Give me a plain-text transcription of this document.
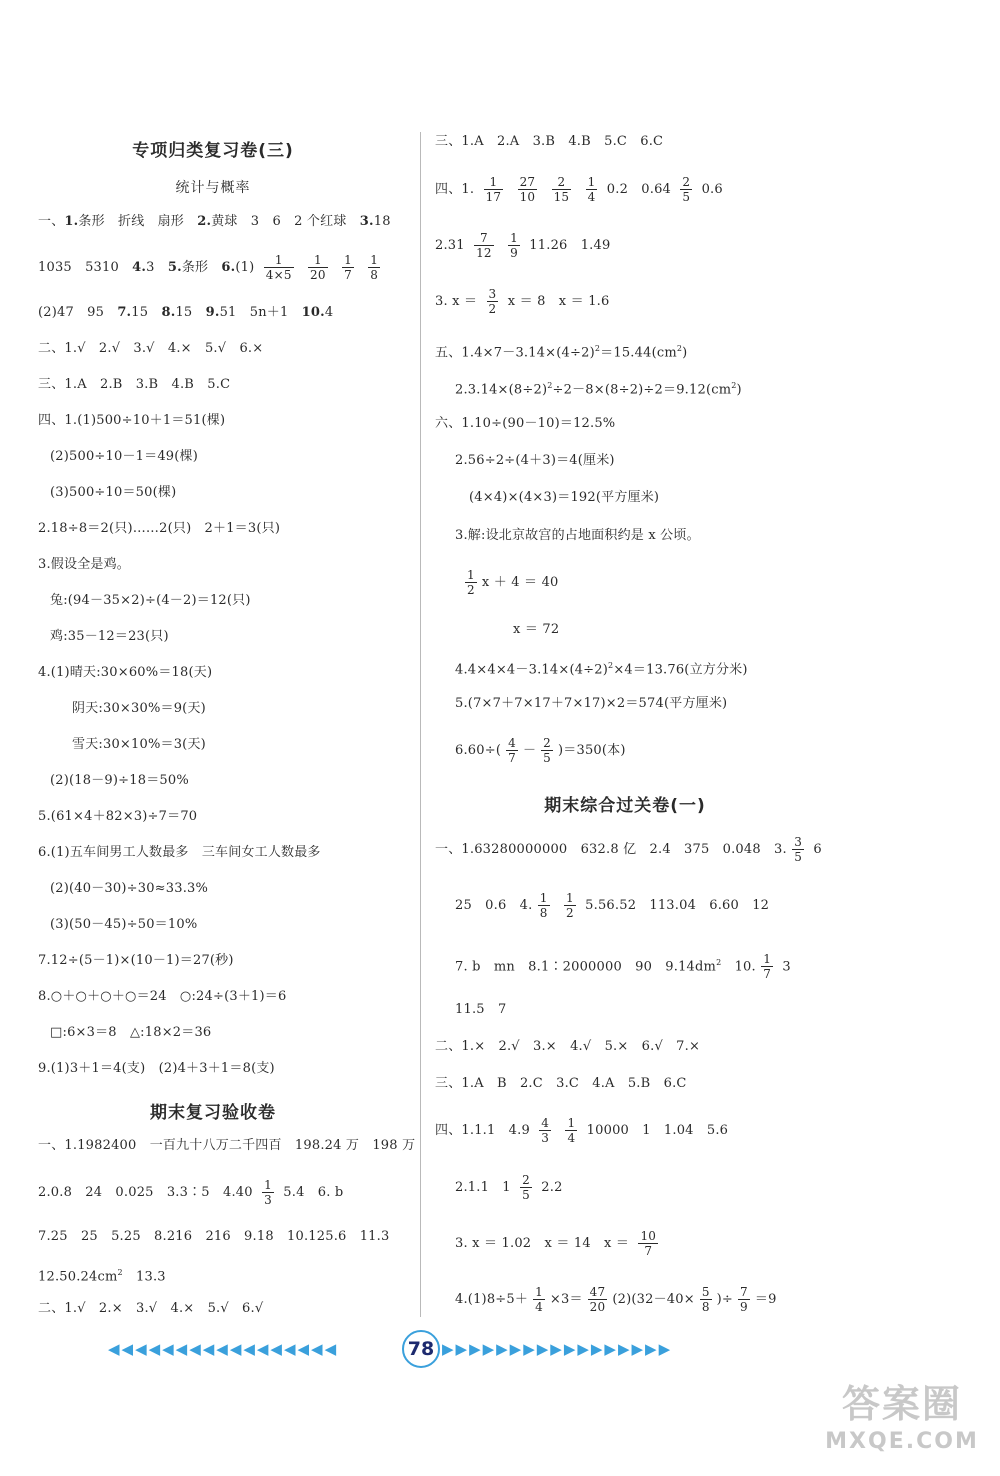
专项归类复习卷(三)
统计与概率
一、1.条形　折线　扇形　2.黄球　3　6　2 个红球　3.18
1035　5310　4.3　5.条形　$6.(1) \frac{1}{4\times 5}$
$\frac{1}{20}$
$\frac{1}{7}$
$\frac{1}{8}$
(2)47　95　7.15　8.15　9.51　5n＋1　10.4
二、1.√　2.√　3.√　4.×　5.√　6.×
三、1.A　2.B　3.B　4.B　5.C
四、1.(1)500÷10＋1＝51(棵)
(2)500÷10－1＝49(棵)
(3)500÷10＝50(棵)
2.18÷8＝2(只)……2(只)　2＋1＝3(只)
3.假设全是鸡。
兔:(94－35×2)÷(4－2)＝12(只)
鸡:35－12＝23(只)
4.(1)晴天:30×60%＝18(天)
阴天:30×30%＝9(天)
雪天:30×10%＝3(天)
(2)(18－9)÷18＝50%
5.(61×4＋82×3)÷7＝70
6.(1)五车间男工人数最多　三车间女工人数最多
(2)(40－30)÷30≈33.3%
(3)(50－45)÷50＝10%
7.12÷(5－1)×(10－1)＝27(秒)
8.○＋○＋○＋○＝24　○:24÷(3＋1)＝6
□:6×3＝8　△:18×2＝36
9.(1)3＋1＝4(支)　(2)4＋3＋1＝8(支)
期末复习验收卷
一、1.1982400　一百九十八万二千四百　198.24 万　198 万
2.0.8　24　0.025　3.3∶5　$4.40 \frac{1}{3} 5.4$　6. b
7.25　25　5.25　8.216　216　9.18　10.125.6　11.3
$12.50.24cm^2$　13.3
二、1.√　2.×　3.√　4.×　5.√　6.√
三、1.A　2.A　3.B　4.B　5.C　6.C
四、1. $\frac{1}{17}$
$\frac{27}{10}$
$\frac{2}{15}$
$\frac{1}{4} 0.2$　$0.64 \frac{2}{5} 0.6$
$2.31 \frac{7}{12}$
$\frac{1}{9} 11.26$　1.49
3. $x = \frac{3}{2}$ x ＝ 8　x ＝ 1.6
五、$1.4\times 7-3.14\times(4\div 2)^2=15.44(cm^2)$
$2.3.14\times(8\div 2)^2\div 2-8\times(8\div 2)\div 2=9.12(cm^2)$
六、1.10÷(90－10)＝12.5%
2.56÷2÷(4＋3)＝4(厘米)
(4×4)×(4×3)＝192(平方厘米)
3.解:设北京故宫的占地面积约是 x 公顷。
$\frac{1}{2}$ x ＋ 4 ＝ 40
x ＝ 72
$4.4\times 4\times 4-3.14\times(4\div 2)^2\times 4=13.76$(立方分米)
5.(7×7＋7×17＋7×17)×2＝574(平方厘米)
$6.60\div( \frac{4}{7} - \frac{2}{5} )=350$(本)
期末综合过关卷(一)
一、1.63280000000　632.8 亿　2.4　375　0.048　3. $\frac{3}{5} 6$
25　0.6　4. $\frac{1}{8}$
$\frac{1}{2} 5.56.52$　113.04　6.60　12
7. b　mn　8.1∶2000000　90　$9.14dm^2$　10. $\frac{1}{7} 3$
11.5　7
二、1.×　2.√　3.×　4.√　5.×　6.√　7.×
三、1.A　B　2.C　3.C　4.A　5.B　6.C
四、1.1.1　$4.9 \frac{4}{3}$
$\frac{1}{4} 10000$　1　1.04　5.6
2.1.1　$1 \frac{2}{5} 2.2$
3. x ＝ 1.02　x ＝ 14　$x = \frac{10}{7}$
$4.(1)8\div 5+ \frac{1}{4} \times 3= \frac{47}{20} (2)(32-40\times \frac{5}{8}$ )÷ $\frac{7}{9} =9$
◀◀◀◀◀◀◀◀◀◀◀◀◀◀◀◀◀	78 ▶▶▶▶▶▶▶▶▶▶▶▶▶▶▶▶▶
答案圈
MXQE.COM
